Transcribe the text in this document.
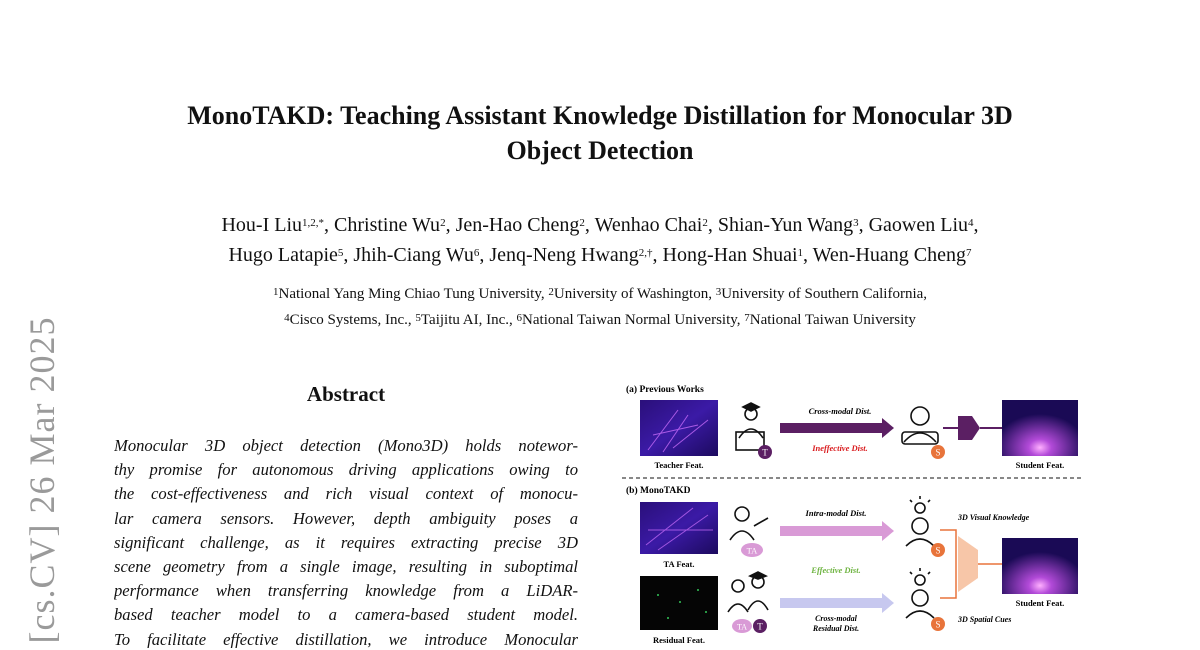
[cs.CV] 26 Mar 2025
MonoTAKD: Teaching Assistant Knowledge Distillation for Monocular 3D
Object Detection
Hou-I Liu$^{1,2,*}$, Christine Wu$^2$, Jen-Hao Cheng$^2$, Wenhao Chai$^2$, Shian-Yun Wang$^3$, Gaowen Liu$^4$,
Hugo Latapie$^5$, Jhih-Ciang Wu$^6$, Jenq-Neng Hwang$^{2,\dagger}$, Hong-Han Shuai$^1$, Wen-Huang Cheng$^7$
$^1$National Yang Ming Chiao Tung University, $^2$University of Washington, $^3$University of Southern California,
$^4$Cisco Systems, Inc., $^5$Taijitu AI, Inc., $^6$National Taiwan Normal University, $^7$National Taiwan University
Abstract
Monocular 3D object detection (Mono3D) holds notewor-
thy promise for autonomous driving applications owing to
the cost-effectiveness and rich visual context of monocu-
lar camera sensors. However, depth ambiguity poses a
significant challenge, as it requires extracting precise 3D
scene geometry from a single image, resulting in suboptimal
performance when transferring knowledge from a LiDAR-
based teacher model to a camera-based student model.
To facilitate effective distillation, we introduce Monocular
(a) Previous Works
Teacher Feat.
T
Cross-modal Dist.
Ineffective Dist.	S
Student Feat.
(b) MonoTAKD
TA Feat.
Residual Feat.
TA
TA T
Intra-modal Dist.
Effective Dist.
Cross-modal
Residual Dist.
S
S
3D Visual Knowledge
3D Spatial Cues
Student Feat.
